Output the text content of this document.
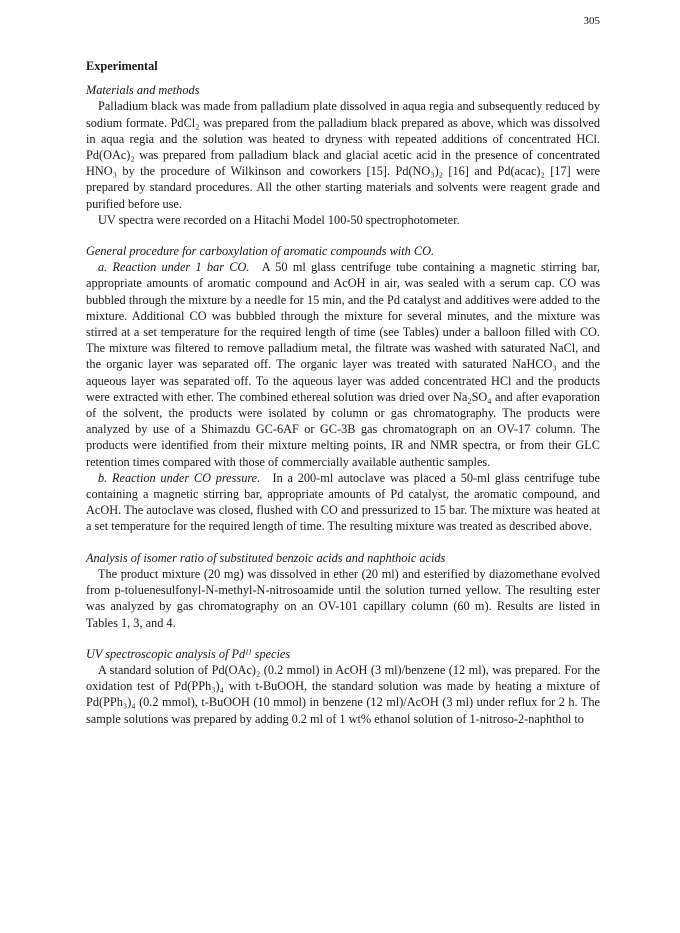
305
Experimental

Materials and methods

Palladium black was made from palladium plate dissolved in aqua regia and subsequently reduced by sodium formate. PdCl₂ was prepared from the palladium black prepared as above, which was dissolved in aqua regia and the solution was heated to dryness with repeated additions of concentrated HCl. Pd(OAc)₂ was prepared from palladium black and glacial acetic acid in the presence of concentrated HNO₃ by the procedure of Wilkinson and coworkers [15]. Pd(NO₃)₂ [16] and Pd(acac)₂ [17] were prepared by standard procedures. All the other starting materials and solvents were reagent grade and purified before use.

UV spectra were recorded on a Hitachi Model 100-50 spectrophotometer.

General procedure for carboxylation of aromatic compounds with CO.

a. Reaction under 1 bar CO.  A 50 ml glass centrifuge tube containing a magnetic stirring bar, appropriate amounts of aromatic compound and AcOH in air, was sealed with a serum cap. CO was bubbled through the mixture by a needle for 15 min, and the Pd catalyst and additives were added to the mixture. Additional CO was bubbled through the mixture for several minutes, and the mixture was stirred at a set temperature for the required length of time (see Tables) under a balloon filled with CO. The mixture was filtered to remove palladium metal, the filtrate was washed with saturated NaCl, and the organic layer was separated off. The organic layer was treated with saturated NaHCO₃ and the aqueous layer was separated off. To the aqueous layer was added concentrated HCl and the products were extracted with ether. The combined ethereal solution was dried over Na₂SO₄ and after evaporation of the solvent, the products were isolated by column or gas chromatography. The products were analyzed by use of a Shimazdu GC-6AF or GC-3B gas chromatograph on an OV-17 column. The products were identified from their mixture melting points, IR and NMR spectra, or from their GLC retention times compared with those of commercially available authentic samples.

b. Reaction under CO pressure.  In a 200-ml autoclave was placed a 50-ml glass centrifuge tube containing a magnetic stirring bar, appropriate amounts of Pd catalyst, the aromatic compound, and AcOH. The autoclave was closed, flushed with CO and pressurized to 15 bar. The mixture was heated at a set temperature for the required length of time. The resulting mixture was treated as described above.

Analysis of isomer ratio of substituted benzoic acids and naphthoic acids

The product mixture (20 mg) was dissolved in ether (20 ml) and esterified by diazomethane evolved from p-toluenesulfonyl-N-methyl-N-nitrosoamide until the solution turned yellow. The resulting ester was analyzed by gas chromatography on an OV-101 capillary column (60 m). Results are listed in Tables 1, 3, and 4.

UV spectroscopic analysis of Pdᴵᴵ species

A standard solution of Pd(OAc)₂ (0.2 mmol) in AcOH (3 ml)/benzene (12 ml), was prepared. For the oxidation test of Pd(PPh₃)₄ with t-BuOOH, the standard solution was made by heating a mixture of Pd(PPh₃)₄ (0.2 mmol), t-BuOOH (10 mmol) in benzene (12 ml)/AcOH (3 ml) under reflux for 2 h. The sample solutions was prepared by adding 0.2 ml of 1 wt% ethanol solution of 1-nitroso-2-naphthol to
